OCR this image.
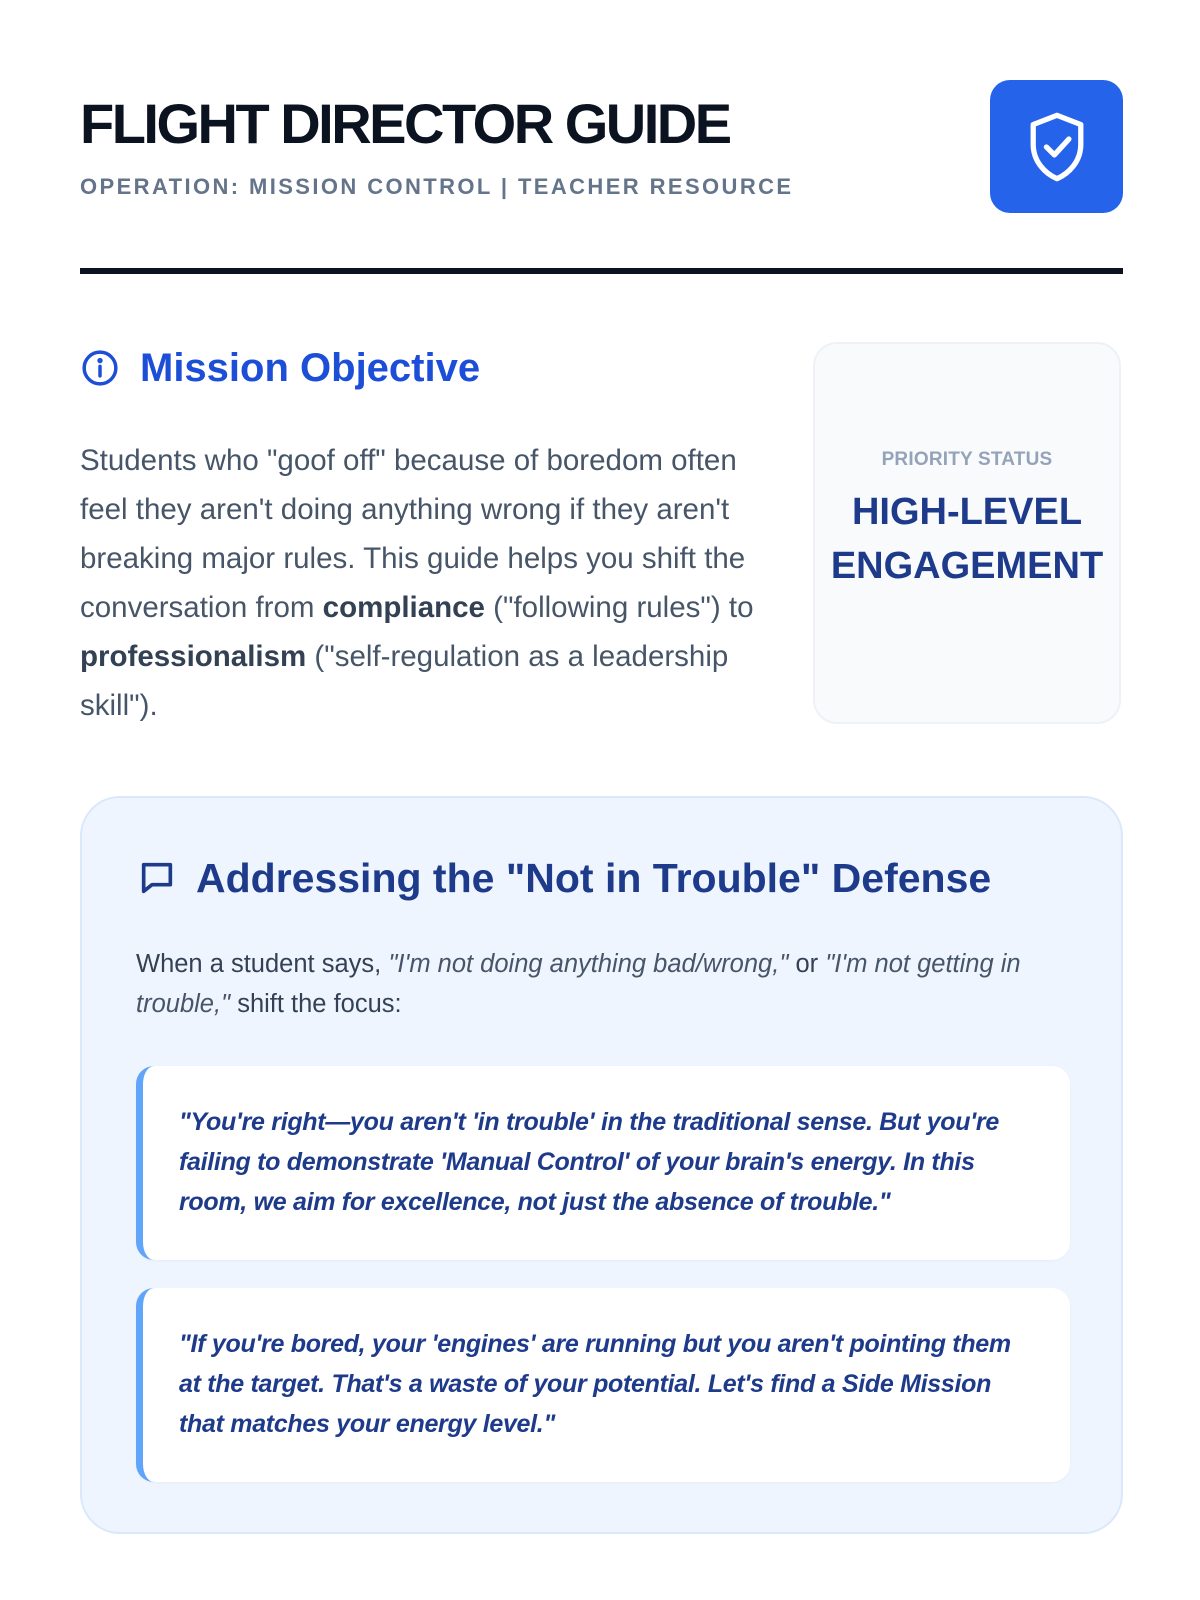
FLIGHT DIRECTOR GUIDE
OPERATION: MISSION CONTROL | TEACHER RESOURCE
Mission Objective

Students who "goof off" because of boredom often feel they aren't doing anything wrong if they aren't breaking major rules. This guide helps you shift the conversation from compliance ("following rules") to professionalism ("self-regulation as a leadership skill").

PRIORITY STATUS
HIGH-LEVEL ENGAGEMENT
Addressing the "Not in Trouble" Defense

When a student says, "I'm not doing anything bad/wrong," or "I'm not getting in trouble," shift the focus:

"You're right—you aren't 'in trouble' in the traditional sense. But you're failing to demonstrate 'Manual Control' of your brain's energy. In this room, we aim for excellence, not just the absence of trouble."

"If you're bored, your 'engines' are running but you aren't pointing them at the target. That's a waste of your potential. Let's find a Side Mission that matches your energy level."
